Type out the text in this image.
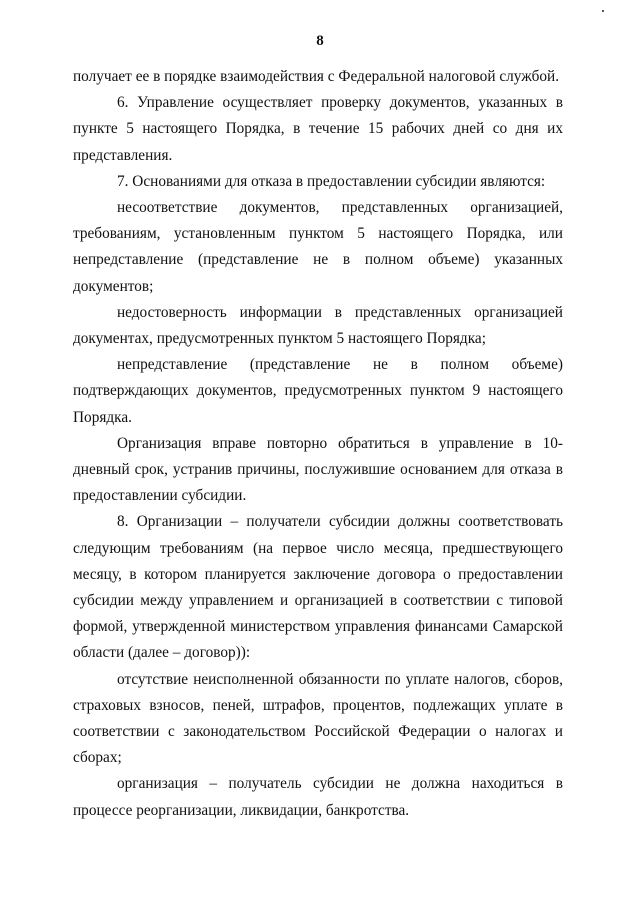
8

получает ее в порядке взаимодействия с Федеральной налоговой службой.

6. Управление осуществляет проверку документов, указанных в пункте 5 настоящего Порядка, в течение 15 рабочих дней со дня их представления.

7. Основаниями для отказа в предоставлении субсидии являются:

несоответствие документов, представленных организацией, требованиям, установленным пунктом 5 настоящего Порядка, или непредставление (представление не в полном объеме) указанных документов;

недостоверность информации в представленных организацией документах, предусмотренных пунктом 5 настоящего Порядка;

непредставление (представление не в полном объеме) подтверждающих документов, предусмотренных пунктом 9 настоящего Порядка.

Организация вправе повторно обратиться в управление в 10-дневный срок, устранив причины, послужившие основанием для отказа в предоставлении субсидии.

8. Организации – получатели субсидии должны соответствовать следующим требованиям (на первое число месяца, предшествующего месяцу, в котором планируется заключение договора о предоставлении субсидии между управлением и организацией в соответствии с типовой формой, утвержденной министерством управления финансами Самарской области (далее – договор)):

отсутствие неисполненной обязанности по уплате налогов, сборов, страховых взносов, пеней, штрафов, процентов, подлежащих уплате в соответствии с законодательством Российской Федерации о налогах и сборах;

организация – получатель субсидии не должна находиться в процессе реорганизации, ликвидации, банкротства.
